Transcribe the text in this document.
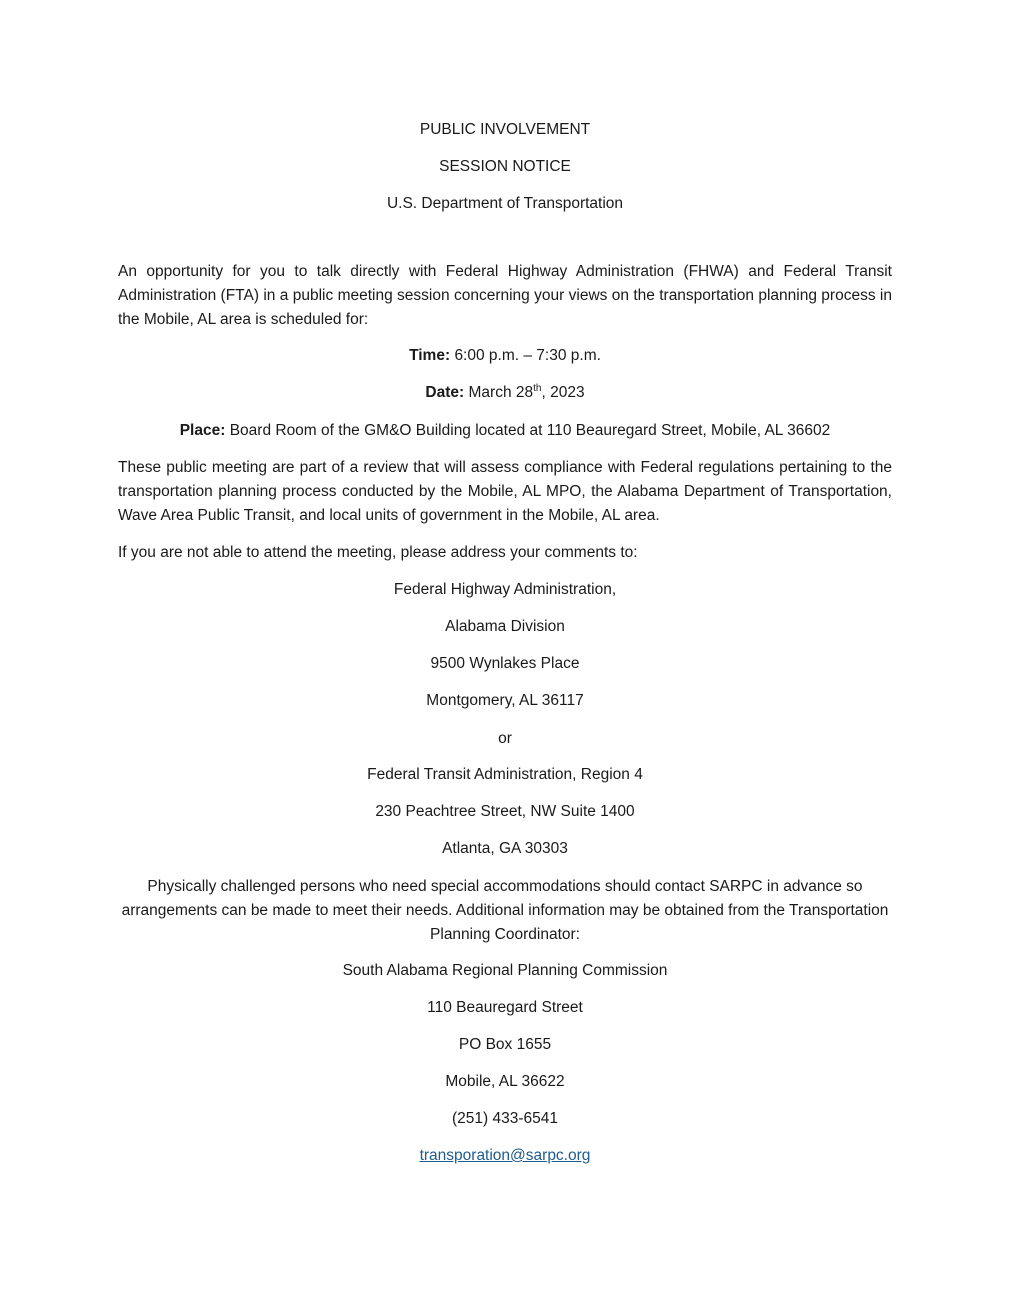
PUBLIC INVOLVEMENT
SESSION NOTICE
U.S. Department of Transportation
An opportunity for you to talk directly with Federal Highway Administration (FHWA) and Federal Transit Administration (FTA) in a public meeting session concerning your views on the transportation planning process in the Mobile, AL area is scheduled for:
Time: 6:00 p.m. – 7:30 p.m.
Date: March 28th, 2023
Place: Board Room of the GM&O Building located at 110 Beauregard Street, Mobile, AL 36602
These public meeting are part of a review that will assess compliance with Federal regulations pertaining to the transportation planning process conducted by the Mobile, AL MPO, the Alabama Department of Transportation, Wave Area Public Transit, and local units of government in the Mobile, AL area.
If you are not able to attend the meeting, please address your comments to:
Federal Highway Administration,
Alabama Division
9500 Wynlakes Place
Montgomery, AL 36117
or
Federal Transit Administration, Region 4
230 Peachtree Street, NW Suite 1400
Atlanta, GA 30303
Physically challenged persons who need special accommodations should contact SARPC in advance so arrangements can be made to meet their needs. Additional information may be obtained from the Transportation Planning Coordinator:
South Alabama Regional Planning Commission
110 Beauregard Street
PO Box 1655
Mobile, AL 36622
(251) 433-6541
transporation@sarpc.org
